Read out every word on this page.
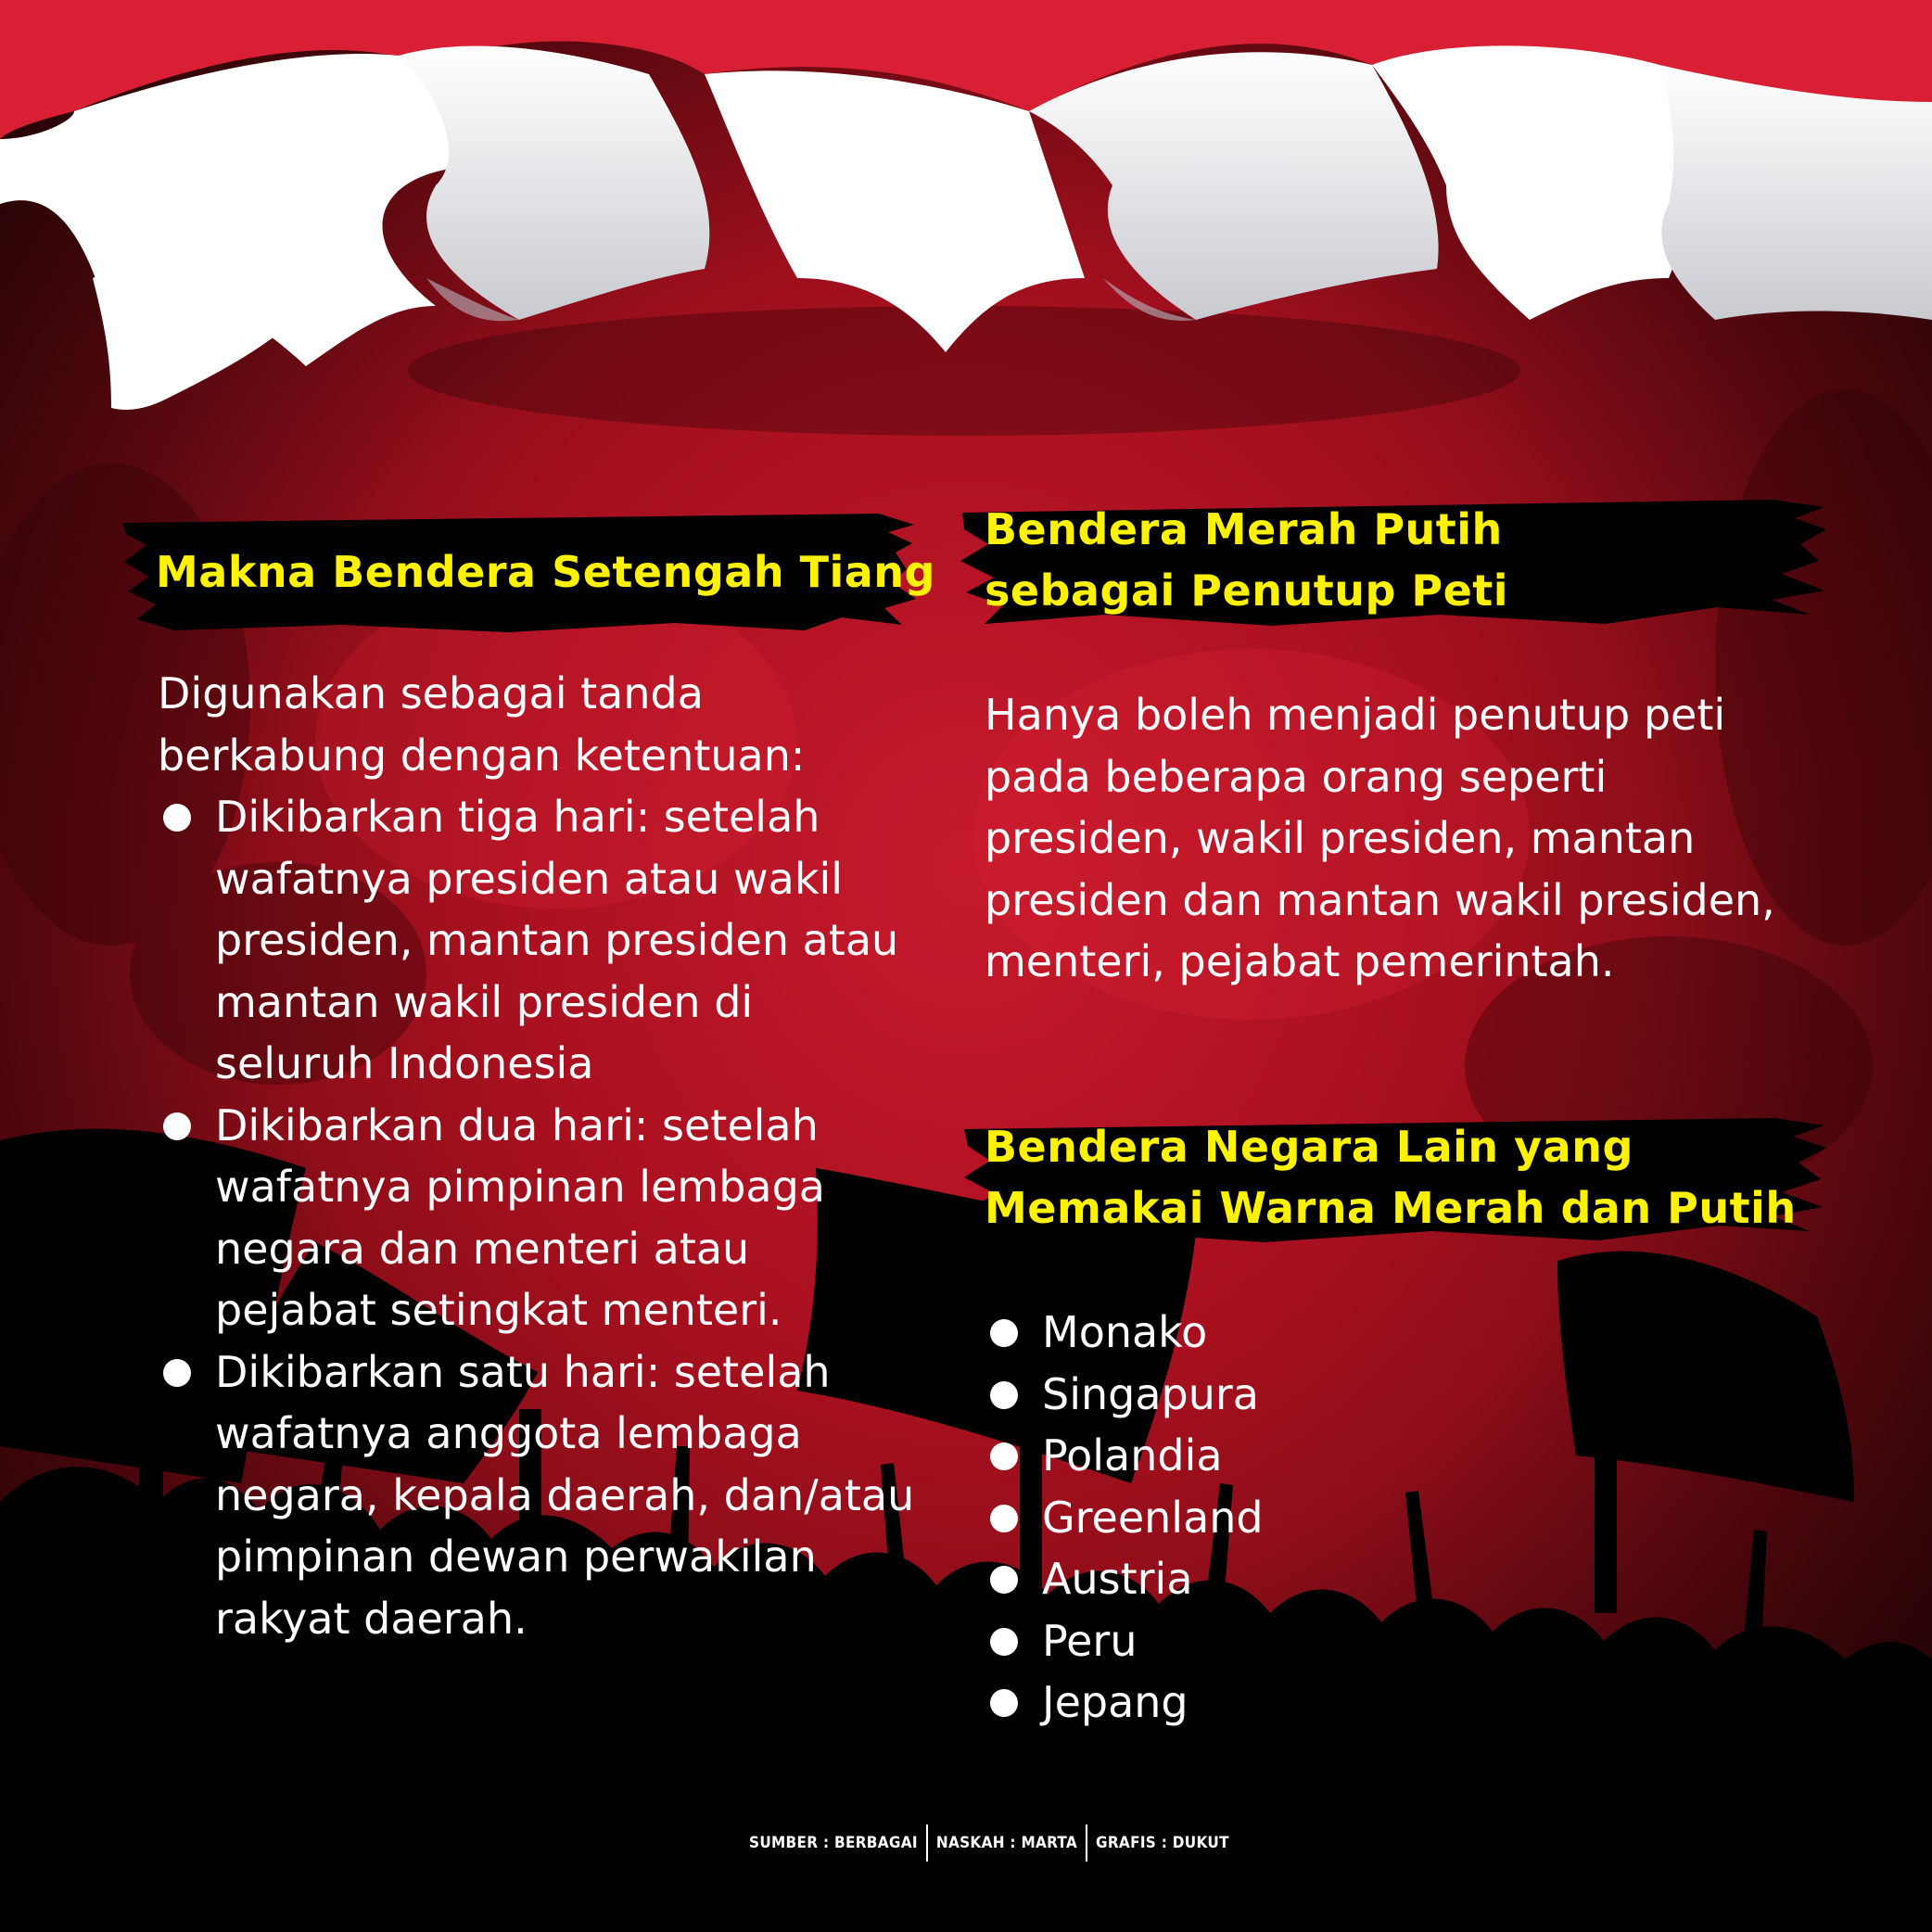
Makna Bendera Setengah Tiang

Digunakan sebagai tanda berkabung dengan ketentuan:

Dikibarkan tiga hari: setelah wafatnya presiden atau wakil presiden, mantan presiden atau mantan wakil presiden di seluruh Indonesia
Dikibarkan dua hari: setelah wafatnya pimpinan lembaga negara dan menteri atau pejabat setingkat menteri.
Dikibarkan satu hari: setelah wafatnya anggota lembaga negara, kepala daerah, dan/atau pimpinan dewan perwakilan rakyat daerah.
Bendera Merah Putih
sebagai Penutup Peti
Hanya boleh menjadi penutup peti pada beberapa orang seperti presiden, wakil presiden, mantan presiden dan mantan wakil presiden, menteri, pejabat pemerintah.
Bendera Negara Lain yang
Memakai Warna Merah dan Putih
Monako
Singapura
Polandia
Greenland
Austria
Peru
Jepang
SUMBER : BERBAGAI NASKAH : MARTA GRAFIS : DUKUT
